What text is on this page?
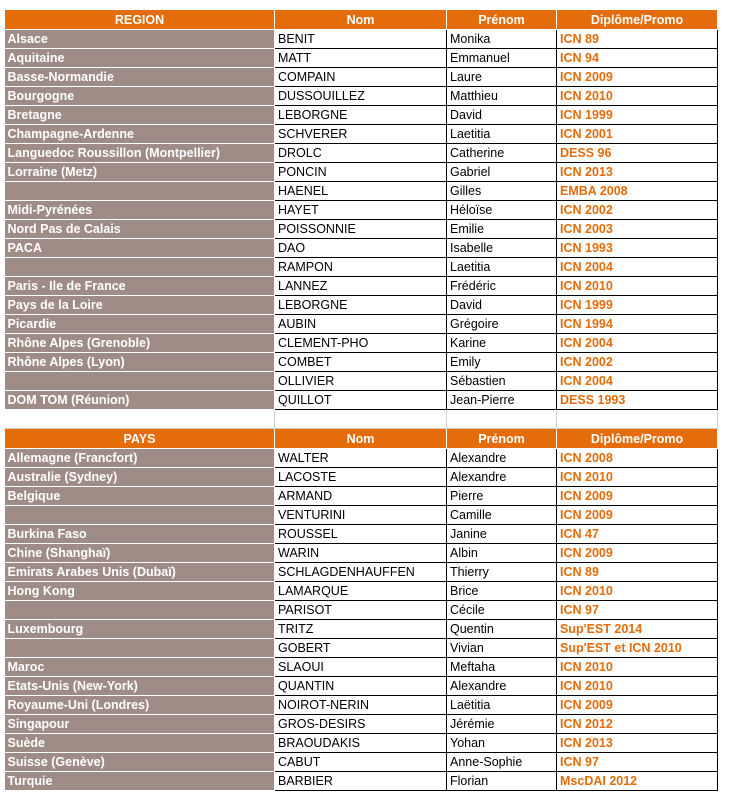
REGION	Nom	Prénom	Diplôme/Promo
Alsace	BENIT	Monika	ICN 89
Aquitaine	MATT	Emmanuel	ICN 94
Basse-Normandie	COMPAIN	Laure	ICN 2009
Bourgogne	DUSSOUILLEZ	Matthieu	ICN 2010
Bretagne	LEBORGNE	David	ICN 1999
Champagne-Ardenne	SCHVERER	Laetitia	ICN 2001
Languedoc Roussillon (Montpellier)	DROLC	Catherine	DESS 96
Lorraine (Metz)	PONCIN	Gabriel	ICN 2013
	HAENEL	Gilles	EMBA 2008
Midi-Pyrénées	HAYET	Héloïse	ICN 2002
Nord Pas de Calais	POISSONNIE	Emilie	ICN 2003
PACA	DAO	Isabelle	ICN 1993
	RAMPON	Laetitia	ICN 2004
Paris - Ile de France	LANNEZ	Frédéric	ICN 2010
Pays de la Loire	LEBORGNE	David	ICN 1999
Picardie	AUBIN	Grégoire	ICN 1994
Rhône Alpes (Grenoble)	CLEMENT-PHO	Karine	ICN 2004
Rhône Alpes (Lyon)	COMBET	Emily	ICN 2002
	OLLIVIER	Sébastien	ICN 2004
DOM TOM (Réunion)	QUILLOT	Jean-Pierre	DESS 1993

PAYS	Nom	Prénom	Diplôme/Promo
Allemagne (Francfort)	WALTER	Alexandre	ICN 2008
Australie (Sydney)	LACOSTE	Alexandre	ICN 2010
Belgique	ARMAND	Pierre	ICN 2009
	VENTURINI	Camille	ICN 2009
Burkina Faso	ROUSSEL	Janine	ICN 47
Chine (Shanghaï)	WARIN	Albin	ICN 2009
Emirats Arabes Unis (Dubaï)	SCHLAGDENHAUFFEN	Thierry	ICN 89
Hong Kong	LAMARQUE	Brice	ICN 2010
	PARISOT	Cécile	ICN 97
Luxembourg	TRITZ	Quentin	Sup'EST 2014
	GOBERT	Vivian	Sup'EST et ICN 2010
Maroc	SLAOUI	Meftaha	ICN 2010
Etats-Unis (New-York)	QUANTIN	Alexandre	ICN 2010
Royaume-Uni (Londres)	NOIROT-NERIN	Laëtitia	ICN 2009
Singapour	GROS-DESIRS	Jérémie	ICN 2012
Suède	BRAOUDAKIS	Yohan	ICN 2013
Suisse (Genève)	CABUT	Anne-Sophie	ICN 97
Turquie	BARBIER	Florian	MscDAI 2012
